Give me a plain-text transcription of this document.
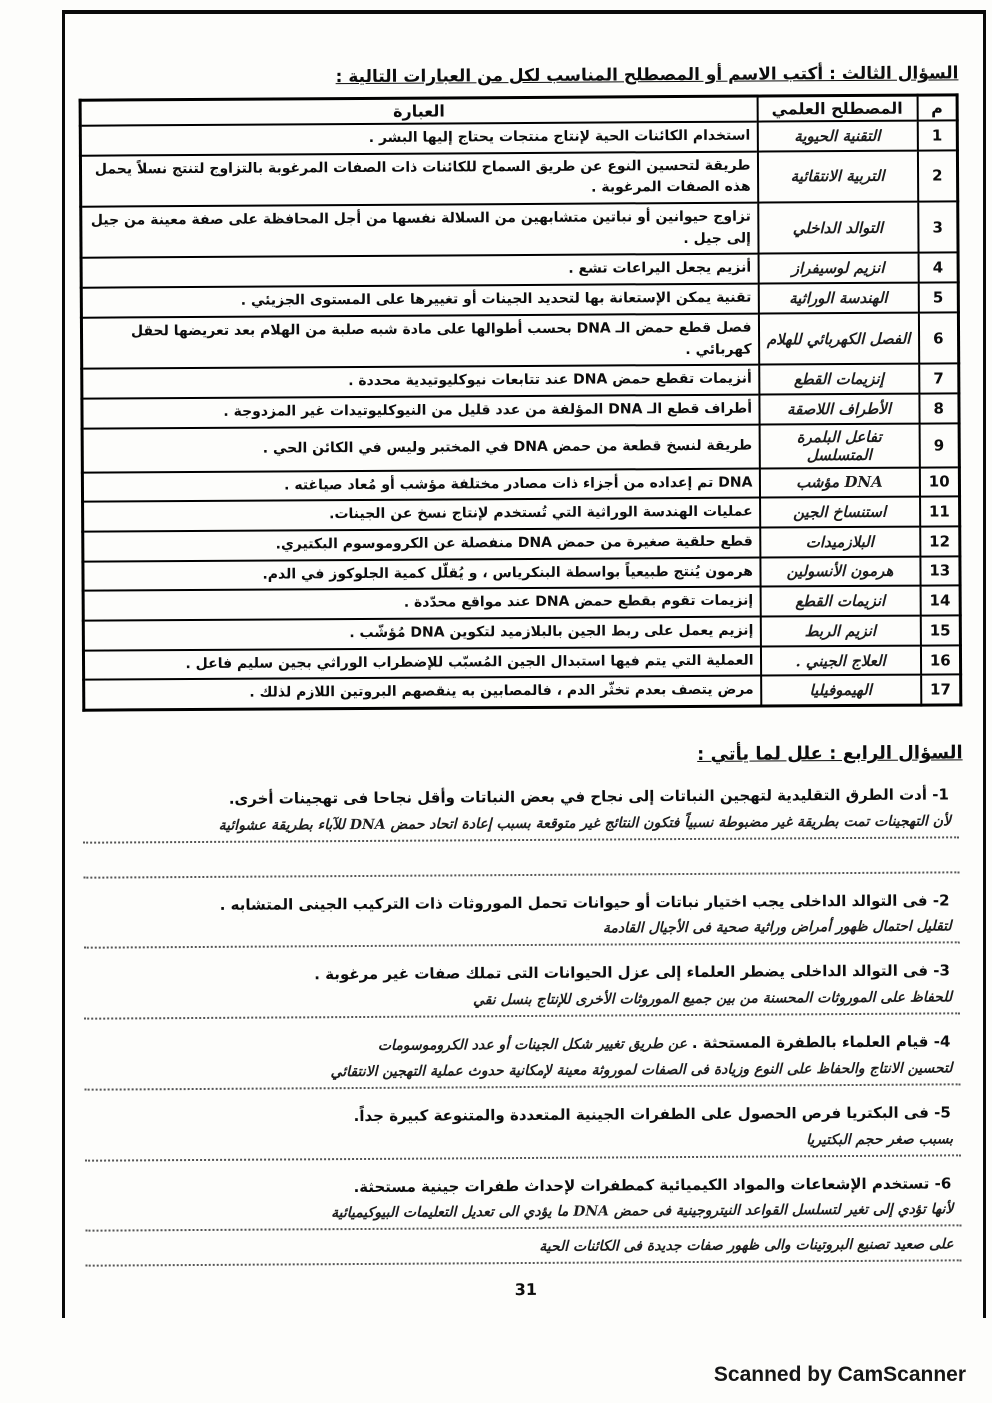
السؤال الثالث : أكتب الاسم أو المصطلح المناسب لكل من العبارات التالية :
م	المصطلح العلمي	العبارة
1	التقنية الحيوية	استخدام الكائنات الحية لإنتاج منتجات يحتاج إليها البشر .
2	التربية الانتقائية	طريقة لتحسين النوع عن طريق السماح للكائنات ذات الصفات المرغوبة بالتزاوج لتنتج نسلاً يحمل هذه الصفات المرغوبة .
3	التوالد الداخلي	تزاوج حيوانين أو نباتين متشابهين من السلالة نفسها من أجل المحافظة على صفة معينة من جيل إلى جيل .
4	انزيم لوسيفراز	أنزيم يجعل اليراعات تشع .
5	الهندسة الوراثية	تقنية يمكن الإستعانة بها لتحديد الجينات أو تغييرها على المستوى الجزيئي .
6	الفصل الكهربائي للهلام	فصل قطع حمض الـ DNA بحسب أطوالها على مادة شبه صلبة من الهلام بعد تعريضها لحقل كهربائي .
7	إنزيمات القطع	أنزيمات تقطع حمض DNA عند تتابعات نيوكليوتيدية محددة .
8	الأطراف اللاصقة	أطراف قطع الـ DNA المؤلفة من عدد قليل من النيوكليوتيدات غير المزدوجة .
9	تفاعل البلمرة المتسلسل	طريقة لنسخ قطعة من حمض DNA في المختبر وليس في الكائن الحي .
10	DNA مؤشب	DNA تم إعداده من أجزاء ذات مصادر مختلفة مؤشب أو مُعاد صياغته .
11	استنساخ الجين	عمليات الهندسة الوراثية التي تُستخدم لإنتاج نسخ عن الجينات.
12	البلازميدات	قطع حلقية صغيرة من حمض DNA منفصلة عن الكروموسوم البكتيري.
13	هرمون الأنسولين	هرمون يُنتج طبيعياً بواسطة البنكرياس ، و يُقلّل كمية الجلوكوز في الدم.
14	انزيمات القطع	إنزيمات تقوم بقطع حمض DNA عند مواقع محدّدة .
15	انزيم الربط	إنزيم يعمل على ربط الجين بالبلازميد لتكوين DNA مُؤشّب .
16	العلاج الجيني .	العملية التي يتم فيها استبدال الجين المُسبّب للإضطراب الوراثي بجين سليم فاعل .
17	الهيموفيليا	مرض يتصف بعدم تخثّر الدم ، فالمصابين به ينقصهم البروتين اللازم لذلك .
السؤال الرابع : علل لما يأتي :

1- أدت الطرق التقليدية لتهجين النباتات إلى نجاح في بعض النباتات وأقل نجاحا فى تهجينات أخرى.

لأن التهجينات تمت بطريقة غير مضبوطة نسبياً فتكون النتائج غير متوقعة بسبب إعادة اتحاد حمض DNA للآباء بطريقة عشوائية

2- فى التوالد الداخلى يجب اختيار نباتات أو حيوانات تحمل الموروثات ذات التركيب الجينى المتشابه .

لتقليل احتمال ظهور أمراض وراثية صحية فى الأجيال القادمة

3- فى التوالد الداخلى يضطر العلماء إلى عزل الحيوانات التى تملك صفات غير مرغوبة .

للحفاظ على الموروثات المحسنة من بين جميع الموروثات الأخرى للإنتاج بنسل نقي

4- قيام العلماء بالطفرة المستحثة . عن طريق تغيير شكل الجينات أو عدد الكروموسومات

لتحسين الانتاج والحفاظ على النوع وزيادة فى الصفات لموروثة معينة لإمكانية حدوث عملية التهجين الانتقائي

5- فى البكتريا فرص الحصول على الطفرات الجينية المتعددة والمتنوعة كبيرة جداً.

بسبب صغر حجم البكتيريا

6- تستخدم الإشعاعات والمواد الكيميائية كمطفرات لإحداث طفرات جينية مستحثة.

لأنها تؤدي إلى تغير لتسلسل القواعد النيتروجينية فى حمض DNA ما يؤدي الى تعديل التعليمات البيوكيميائية
على صعيد تصنيع البروتينات والى ظهور صفات جديدة فى الكائنات الحية
31
Scanned by CamScanner
